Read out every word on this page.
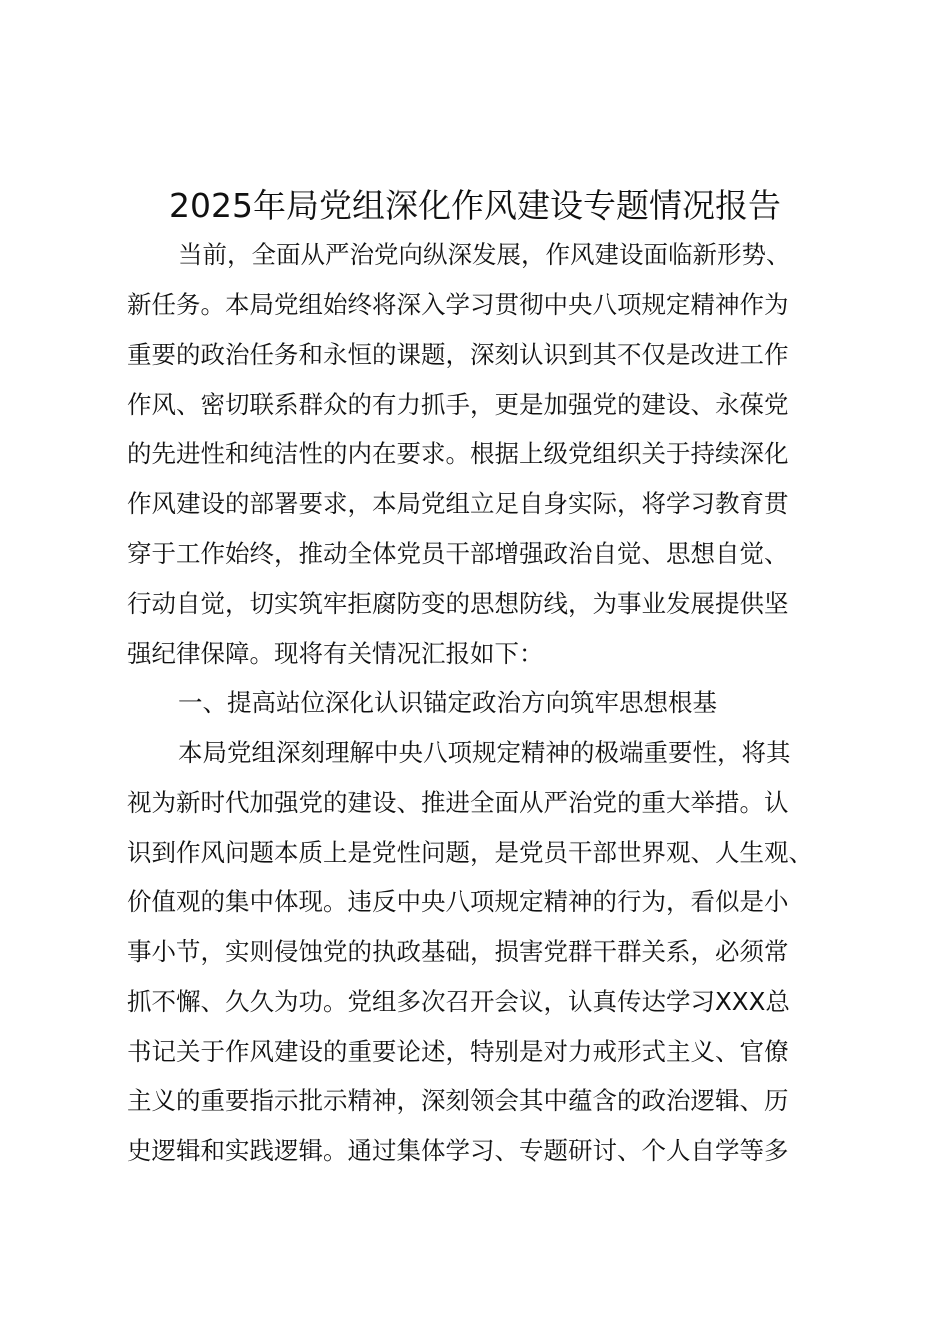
2025年局党组深化作风建设专题情况报告
当前，全面从严治党向纵深发展，作风建设面临新形势、
新任务。本局党组始终将深入学习贯彻中央八项规定精神作为
重要的政治任务和永恒的课题，深刻认识到其不仅是改进工作
作风、密切联系群众的有力抓手，更是加强党的建设、永葆党
的先进性和纯洁性的内在要求。根据上级党组织关于持续深化
作风建设的部署要求，本局党组立足自身实际，将学习教育贯
穿于工作始终，推动全体党员干部增强政治自觉、思想自觉、
行动自觉，切实筑牢拒腐防变的思想防线，为事业发展提供坚
强纪律保障。现将有关情况汇报如下：
一、提高站位深化认识锚定政治方向筑牢思想根基
本局党组深刻理解中央八项规定精神的极端重要性，将其
视为新时代加强党的建设、推进全面从严治党的重大举措。认
识到作风问题本质上是党性问题，是党员干部世界观、人生观、
价值观的集中体现。违反中央八项规定精神的行为，看似是小
事小节，实则侵蚀党的执政基础，损害党群干群关系，必须常
抓不懈、久久为功。党组多次召开会议，认真传达学习XXX总
书记关于作风建设的重要论述，特别是对力戒形式主义、官僚
主义的重要指示批示精神，深刻领会其中蕴含的政治逻辑、历
史逻辑和实践逻辑。通过集体学习、专题研讨、个人自学等多
